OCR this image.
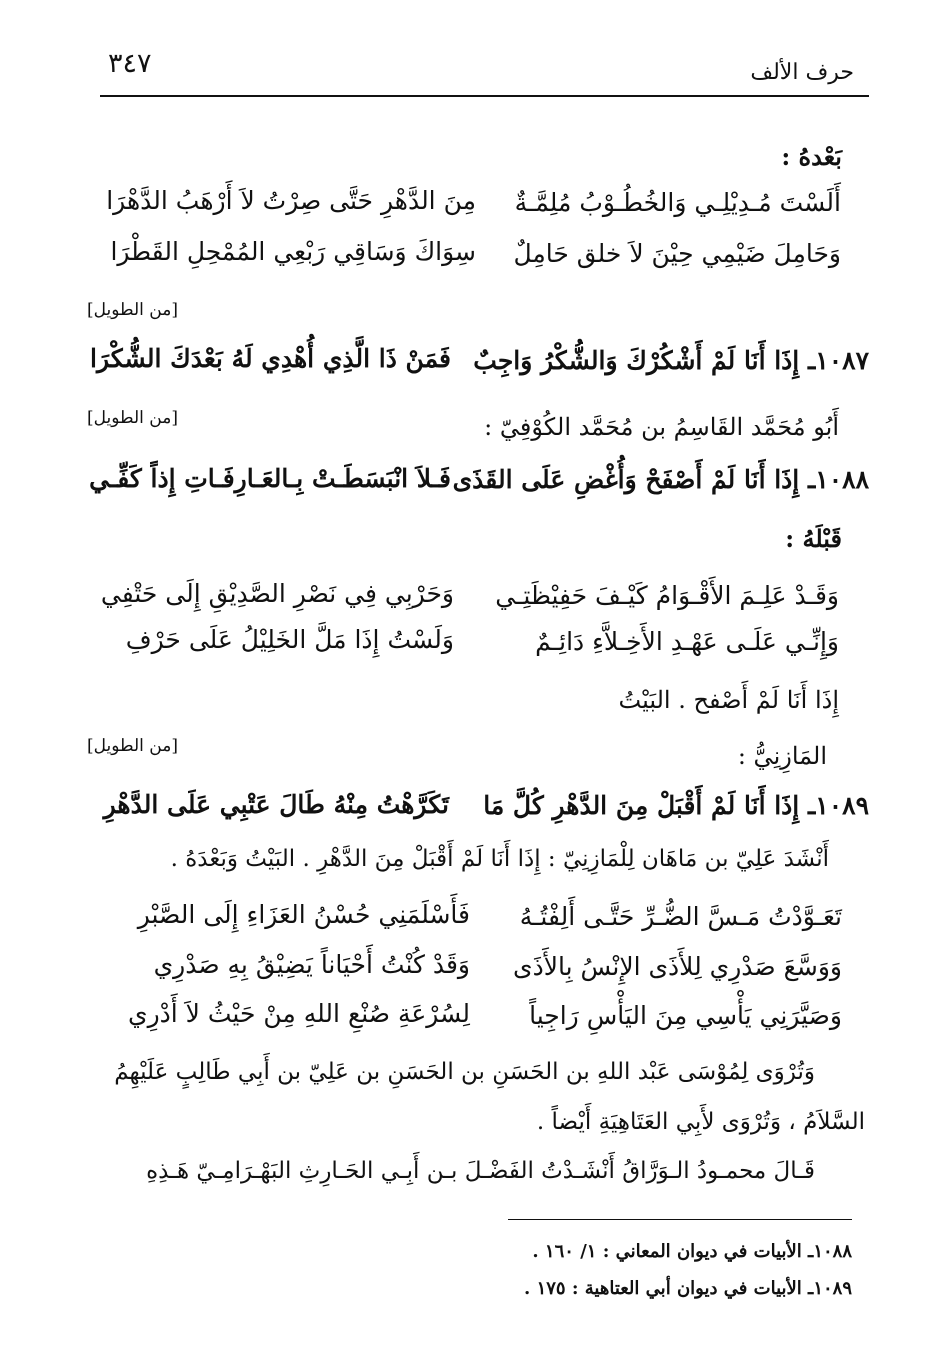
٣٤٧	حرف الألف
بَعْدهُ :
أَلَسْتَ مُـدِيْلِـي وَالخُطُـوْبُ مُلِمَّـةٌ
مِنَ الدَّهْرِ حَتَّى صِرْتُ لاَ أَرْهَبُ الدَّهْرَا
وَحَامِلَ ضَيْمِي حِيْنَ لاَ خلق حَامِلٌ
سِوَاكَ وَسَاقِي رَبْعِي المُمْحِلِ القَطْرَا
[من الطويل]
١٠٨٧ـ إِذَا أَنَا لَمْ أَشْكُرْكَ وَالشُّكْرُ وَاجِبٌ
فَمَنْ ذَا الَّذِي أُهْدِي لَهُ بَعْدَكَ الشُّكْرَا
أَبُو مُحَمَّد القَاسِمُ بن مُحَمَّد الكُوْفِيّ :
[من الطويل]
١٠٨٨ـ إِذَا أَنَا لَمْ أَصْفَحْ وَأُغْضِ عَلَى القَذَى
فَـلاَ انْبَسَطَـتْ بِـالعَـارِفَـاتِ إِذاً كَفِّـي
قَبْلَهُ :
وَقَـدْ عَلِـمَ الأَقْـوَامُ كَيْـفَ حَفِيْظَتِـي
وَحَرْبِي فِي نَصْرِ الصَّدِيْقِ إِلَى حَتْفِي
وَإِنِّـي عَلَـى عَهْـدِ الأَخِـلاَّءِ دَائِـمٌ
وَلَسْتُ إِذَا مَلَّ الخَلِيْلُ عَلَى حَرْفِ
إِذَا أَنَا لَمْ أَصْفح . البَيْتُ
المَازِنِيُّ :
[من الطويل]
١٠٨٩ـ إِذَا أَنَا لَمْ أَقْبَلْ مِنَ الدَّهْرِ كُلَّ مَا
تَكَرَّهْتُ مِنْهُ طَالَ عَتْبِي عَلَى الدَّهْرِ
أَنْشَدَ عَلِيّ بن مَاهَان لِلْمَازِنِيّ : إِذَا أَنَا لَمْ أَقْبَلْ مِنَ الدَّهْرِ . البَيْتُ وَبَعْدَهُ .
تَعَـوَّدْتُ مَـسَّ الضُّـرِّ حَتَّـى أَلِفْتُـهُ
فَأَسْلَمَنِي حُسْنُ العَزَاءِ إِلَى الصَّبْرِ
وَوَسَّعَ صَدْرِي لِلأَذَى الإِنْسُ بِالأَذَى
وَقَدْ كُنْتُ أَحْيَاناً يَضِيْقُ بِهِ صَدْرِي
وَصَيَّرَنِي يَأْسِي مِنَ اليَأْسِ رَاجِياً
لِسُرْعَةِ صُنْعِ اللهِ مِنْ حَيْثُ لاَ أَدْرِي
وَتُرْوَى لِمُوْسَى عَبْد اللهِ بن الحَسَنِ بن الحَسَنِ بن عَلِيّ بن أَبِي طَالِبٍ عَلَيْهِمُ
السَّلاَمُ ، وَتُرْوَى لأَبِي العَتَاهِيَةِ أَيْضاً .
قَـالَ محمـودُ الـوَرَّاقُ أَنْشَـدْتُ الفَضْـلَ بـن أَبِـي الحَـارِثِ البَهْـرَامِـيّ هَـذِهِ
١٠٨٨ـ الأبيات في ديوان المعاني : ١/ ١٦٠ .
١٠٨٩ـ الأبيات في ديوان أبي العتاهية : ١٧٥ .
